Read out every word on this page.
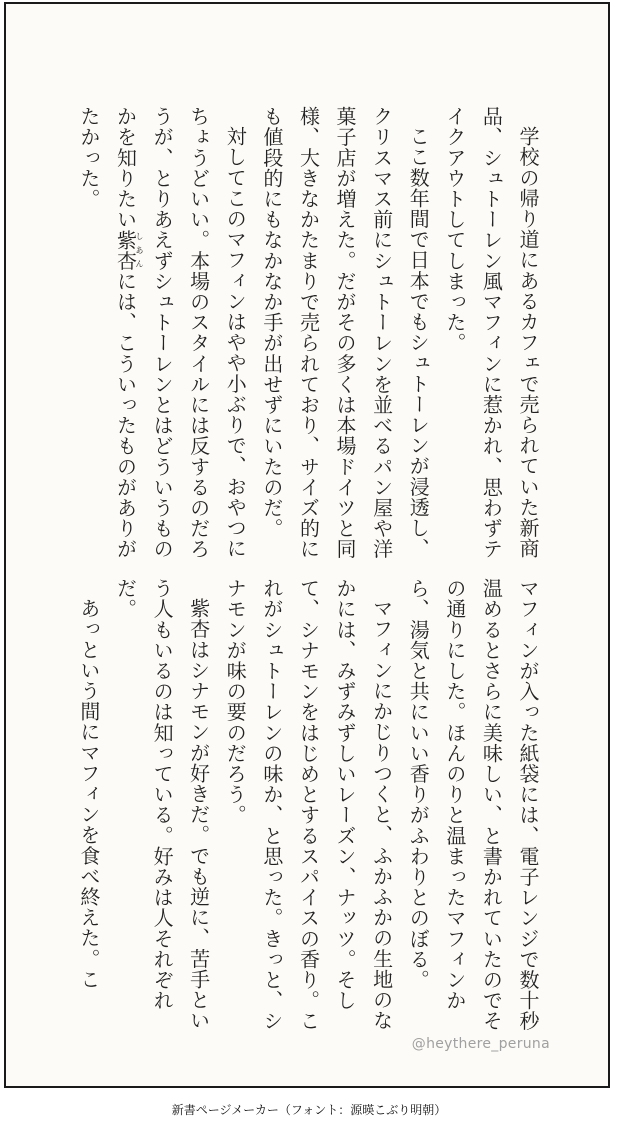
学校の帰り道にあるカフェで売られていた新商品、シュトーレン風マフィンに惹かれ、思わずテイクアウトしてしまった。

ここ数年間で日本でもシュトーレンが浸透し、クリスマス前にシュトーレンを並べるパン屋や洋菓子店が増えた。だがその多くは本場ドイツと同様、大きなかたまりで売られており、サイズ的にも値段的にもなかなか手が出せずにいたのだ。

対してこのマフィンはやや小ぶりで、おやつにちょうどいい。本場のスタイルには反するのだろうが、とりあえずシュトーレンとはどういうものかを知りたい紫杏しあんには、こういったものがありがたかった。

マフィンが入った紙袋には、電子レンジで数十秒温めるとさらに美味しい、と書かれていたのでその通りにした。ほんのりと温まったマフィンから、湯気と共にいい香りがふわりとのぼる。

マフィンにかじりつくと、ふかふかの生地のなかには、みずみずしいレーズン、ナッツ。そして、シナモンをはじめとするスパイスの香り。これがシュトーレンの味か、と思った。きっと、シナモンが味の要のだろう。

紫杏はシナモンが好きだ。でも逆に、苦手という人もいるのは知っている。好みは人それぞれだ。

あっという間にマフィンを食べ終えた。こ

@heythere_peruna
新書ページメーカー（フォント：源暎こぶり明朝）
